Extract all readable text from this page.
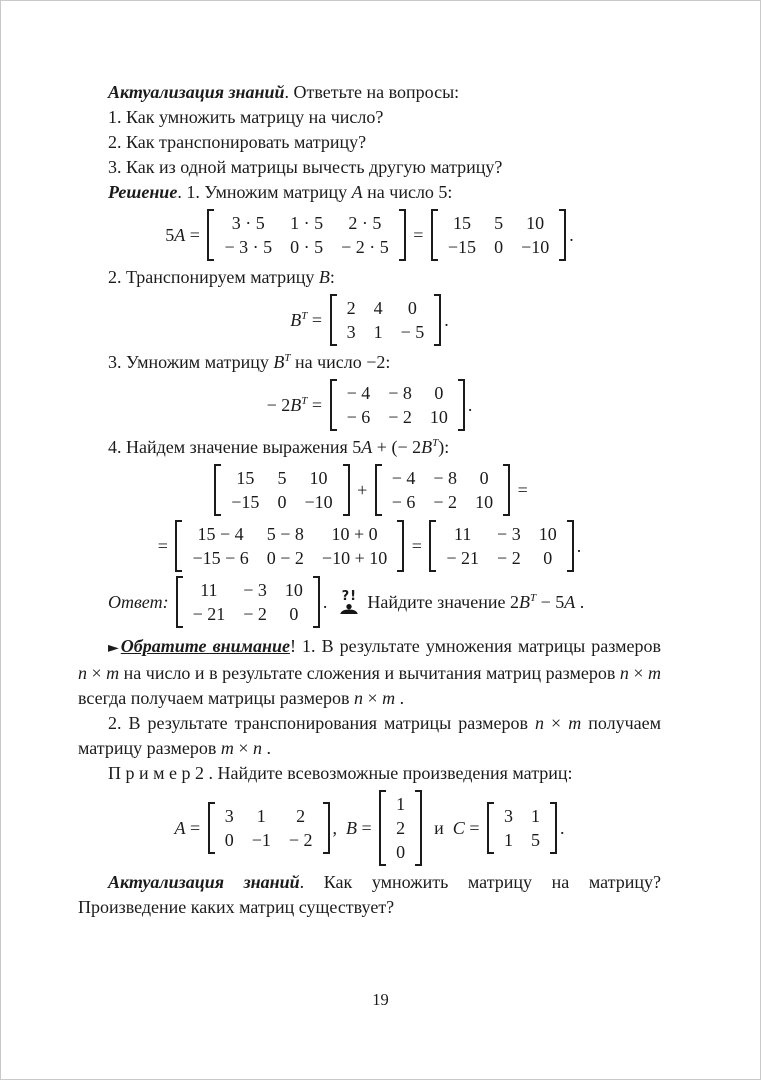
Актуализация знаний. Ответьте на вопросы:
1. Как умножить матрицу на число?
2. Как транспонировать матрицу?
3. Как из одной матрицы вычесть другую матрицу?
Решение. 1. Умножим матрицу A на число 5:
5A =
3 · 5	1 · 5	2 · 5
− 3 · 5	0 · 5	− 2 · 5
=
15	5	10
−15	0	−10
.
2. Транспонируем матрицу B:
$B^T$ =
2	4	0
3	1	− 5
.
3. Умножим матрицу $B^T$ на число −2:
− $2B^T$ =
− 4	− 8	0
− 6	− 2	10
.
4. Найдем значение выражения 5A + (− $2B^T$):
15	5	10
−15	0	−10
+
− 4	− 8	0
− 6	− 2	10
=
=
15 − 4	5 − 8	10 + 0
−15 − 6	0 − 2	−10 + 10
=
11	− 3	10
− 21	− 2	0
.
Ответ:
11	− 3	10
− 21	− 2	0
. ?! Найдите значение $2B^T - 5A$ .
► Обратите внимание! 1. В результате умножения матрицы размеров n × m на число и в результате сложения и вычитания матриц размеров n × m всегда получаем матрицы размеров n × m .
2. В результате транспонирования матрицы размеров n × m получаем матрицу размеров m × n .
П р и м е р 2 . Найдите всевозможные произведения матриц:
A =
3	1	2
0	−1	− 2
, B =
1
2
0
и C =
3	1
1	5
.
Актуализация знаний. Как умножить матрицу на матрицу?
Произведение каких матриц существует?
19
